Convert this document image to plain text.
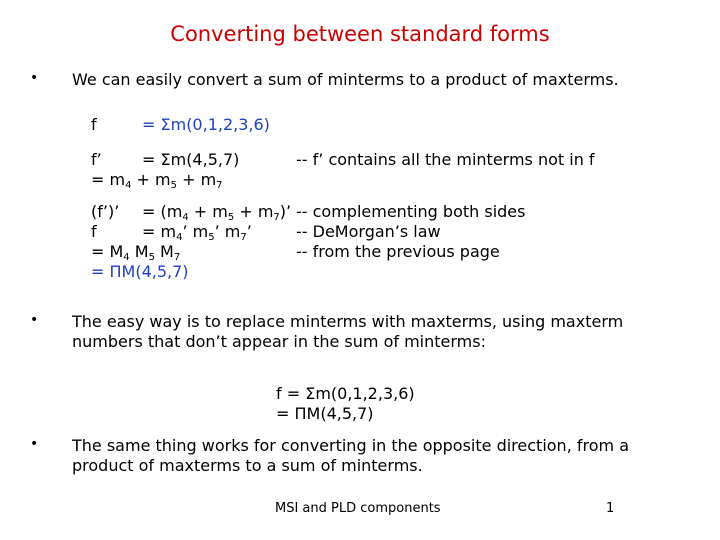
Converting between standard forms
• We can easily convert a sum of minterms to a product of maxterms.
f	= Σm(0,1,2,3,6)
f’	= Σm(4,5,7)	-- f’ contains all the minterms not in f
= $m_4 + m_5 + m_7$
(f’)’ = $(m_4 + m_5 + m_7)$’ -- complementing both sides
f	= $m_4$’ $m_5$’ $m_7$’	-- DeMorgan’s law
= $M_4$ $M_5$ $M_7$	-- from the previous page
= ΠM(4,5,7)
• The easy way is to replace minterms with maxterms, using maxterm
numbers that don’t appear in the sum of minterms:
f = Σm(0,1,2,3,6)
= ΠM(4,5,7)
• The same thing works for converting in the opposite direction, from a
product of maxterms to a sum of minterms.
MSI and PLD components	1
